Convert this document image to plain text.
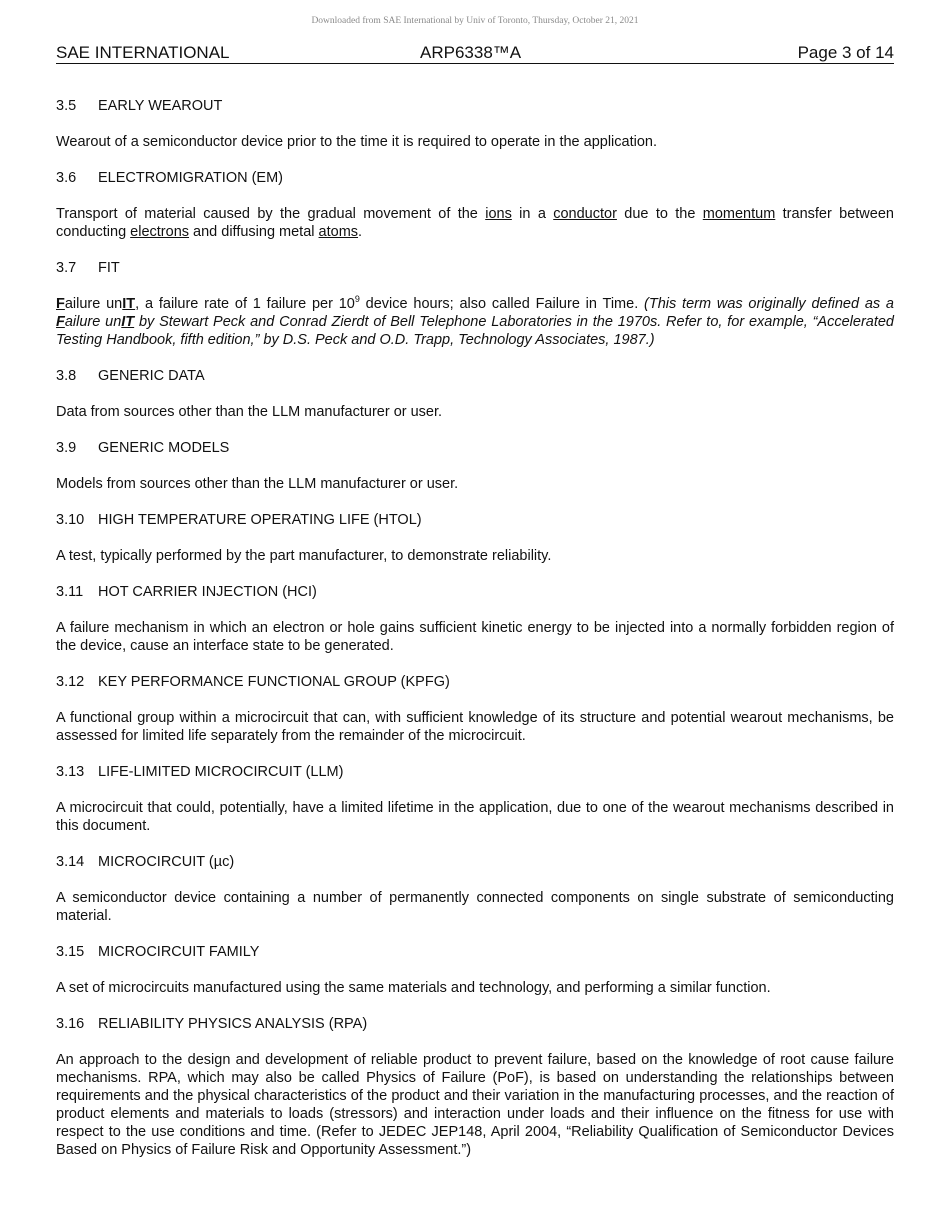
Downloaded from SAE International by Univ of Toronto, Thursday, October 21, 2021
SAE INTERNATIONAL	ARP6338™A	Page 3 of 14
3.5 EARLY WEAROUT

Wearout of a semiconductor device prior to the time it is required to operate in the application.

3.6 ELECTROMIGRATION (EM)

Transport of material caused by the gradual movement of the ions in a conductor due to the momentum transfer between conducting electrons and diffusing metal atoms.

3.7 FIT

Failure unIT, a failure rate of 1 failure per $10^9$ device hours; also called Failure in Time. (This term was originally defined as a Failure unIT by Stewart Peck and Conrad Zierdt of Bell Telephone Laboratories in the 1970s. Refer to, for example, “Accelerated Testing Handbook, fifth edition,” by D.S. Peck and O.D. Trapp, Technology Associates, 1987.)

3.8 GENERIC DATA

Data from sources other than the LLM manufacturer or user.

3.9 GENERIC MODELS

Models from sources other than the LLM manufacturer or user.

3.10 HIGH TEMPERATURE OPERATING LIFE (HTOL)

A test, typically performed by the part manufacturer, to demonstrate reliability.

3.11 HOT CARRIER INJECTION (HCI)

A failure mechanism in which an electron or hole gains sufficient kinetic energy to be injected into a normally forbidden region of the device, cause an interface state to be generated.

3.12 KEY PERFORMANCE FUNCTIONAL GROUP (KPFG)

A functional group within a microcircuit that can, with sufficient knowledge of its structure and potential wearout mechanisms, be assessed for limited life separately from the remainder of the microcircuit.

3.13 LIFE-LIMITED MICROCIRCUIT (LLM)

A microcircuit that could, potentially, have a limited lifetime in the application, due to one of the wearout mechanisms described in this document.

3.14 MICROCIRCUIT (µc)

A semiconductor device containing a number of permanently connected components on single substrate of semiconducting material.

3.15 MICROCIRCUIT FAMILY

A set of microcircuits manufactured using the same materials and technology, and performing a similar function.

3.16 RELIABILITY PHYSICS ANALYSIS (RPA)

An approach to the design and development of reliable product to prevent failure, based on the knowledge of root cause failure mechanisms. RPA, which may also be called Physics of Failure (PoF), is based on understanding the relationships between requirements and the physical characteristics of the product and their variation in the manufacturing processes, and the reaction of product elements and materials to loads (stressors) and interaction under loads and their influence on the fitness for use with respect to the use conditions and time. (Refer to JEDEC JEP148, April 2004, “Reliability Qualification of Semiconductor Devices Based on Physics of Failure Risk and Opportunity Assessment.”)
